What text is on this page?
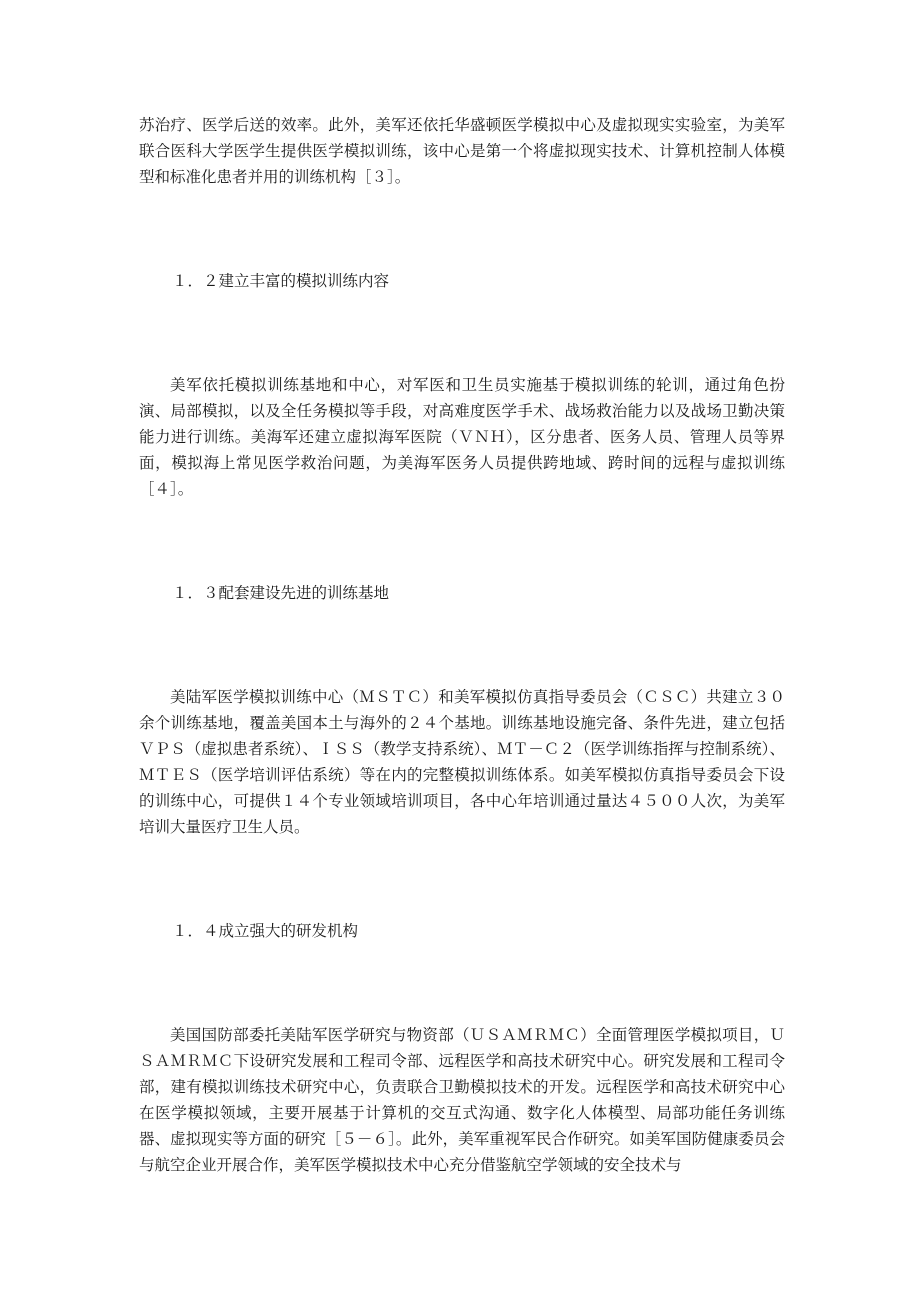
苏治疗、医学后送的效率。此外，美军还依托华盛顿医学模拟中心及虚拟现实实验室，为美军联合医科大学医学生提供医学模拟训练，该中心是第一个将虚拟现实技术、计算机控制人体模型和标准化患者并用的训练机构［３］。

１．２建立丰富的模拟训练内容

美军依托模拟训练基地和中心，对军医和卫生员实施基于模拟训练的轮训，通过角色扮演、局部模拟，以及全任务模拟等手段，对高难度医学手术、战场救治能力以及战场卫勤决策能力进行训练。美海军还建立虚拟海军医院（ＶＮＨ），区分患者、医务人员、管理人员等界面，模拟海上常见医学救治问题，为美海军医务人员提供跨地域、跨时间的远程与虚拟训练［４］。

１．３配套建设先进的训练基地

美陆军医学模拟训练中心（ＭＳＴＣ）和美军模拟仿真指导委员会（ＣＳＣ）共建立３０余个训练基地，覆盖美国本土与海外的２４个基地。训练基地设施完备、条件先进，建立包括ＶＰＳ（虚拟患者系统）、ＩＳＳ（教学支持系统）、ＭＴ－Ｃ２（医学训练指挥与控制系统）、ＭＴＥＳ（医学培训评估系统）等在内的完整模拟训练体系。如美军模拟仿真指导委员会下设的训练中心，可提供１４个专业领域培训项目，各中心年培训通过量达４５００人次，为美军培训大量医疗卫生人员。

１．４成立强大的研发机构

美国国防部委托美陆军医学研究与物资部（ＵＳＡＭＲＭＣ）全面管理医学模拟项目，ＵＳＡＭＲＭＣ下设研究发展和工程司令部、远程医学和高技术研究中心。研究发展和工程司令部，建有模拟训练技术研究中心，负责联合卫勤模拟技术的开发。远程医学和高技术研究中心在医学模拟领域，主要开展基于计算机的交互式沟通、数字化人体模型、局部功能任务训练器、虚拟现实等方面的研究［５－６］。此外，美军重视军民合作研究。如美军国防健康委员会与航空企业开展合作，美军医学模拟技术中心充分借鉴航空学领域的安全技术与
